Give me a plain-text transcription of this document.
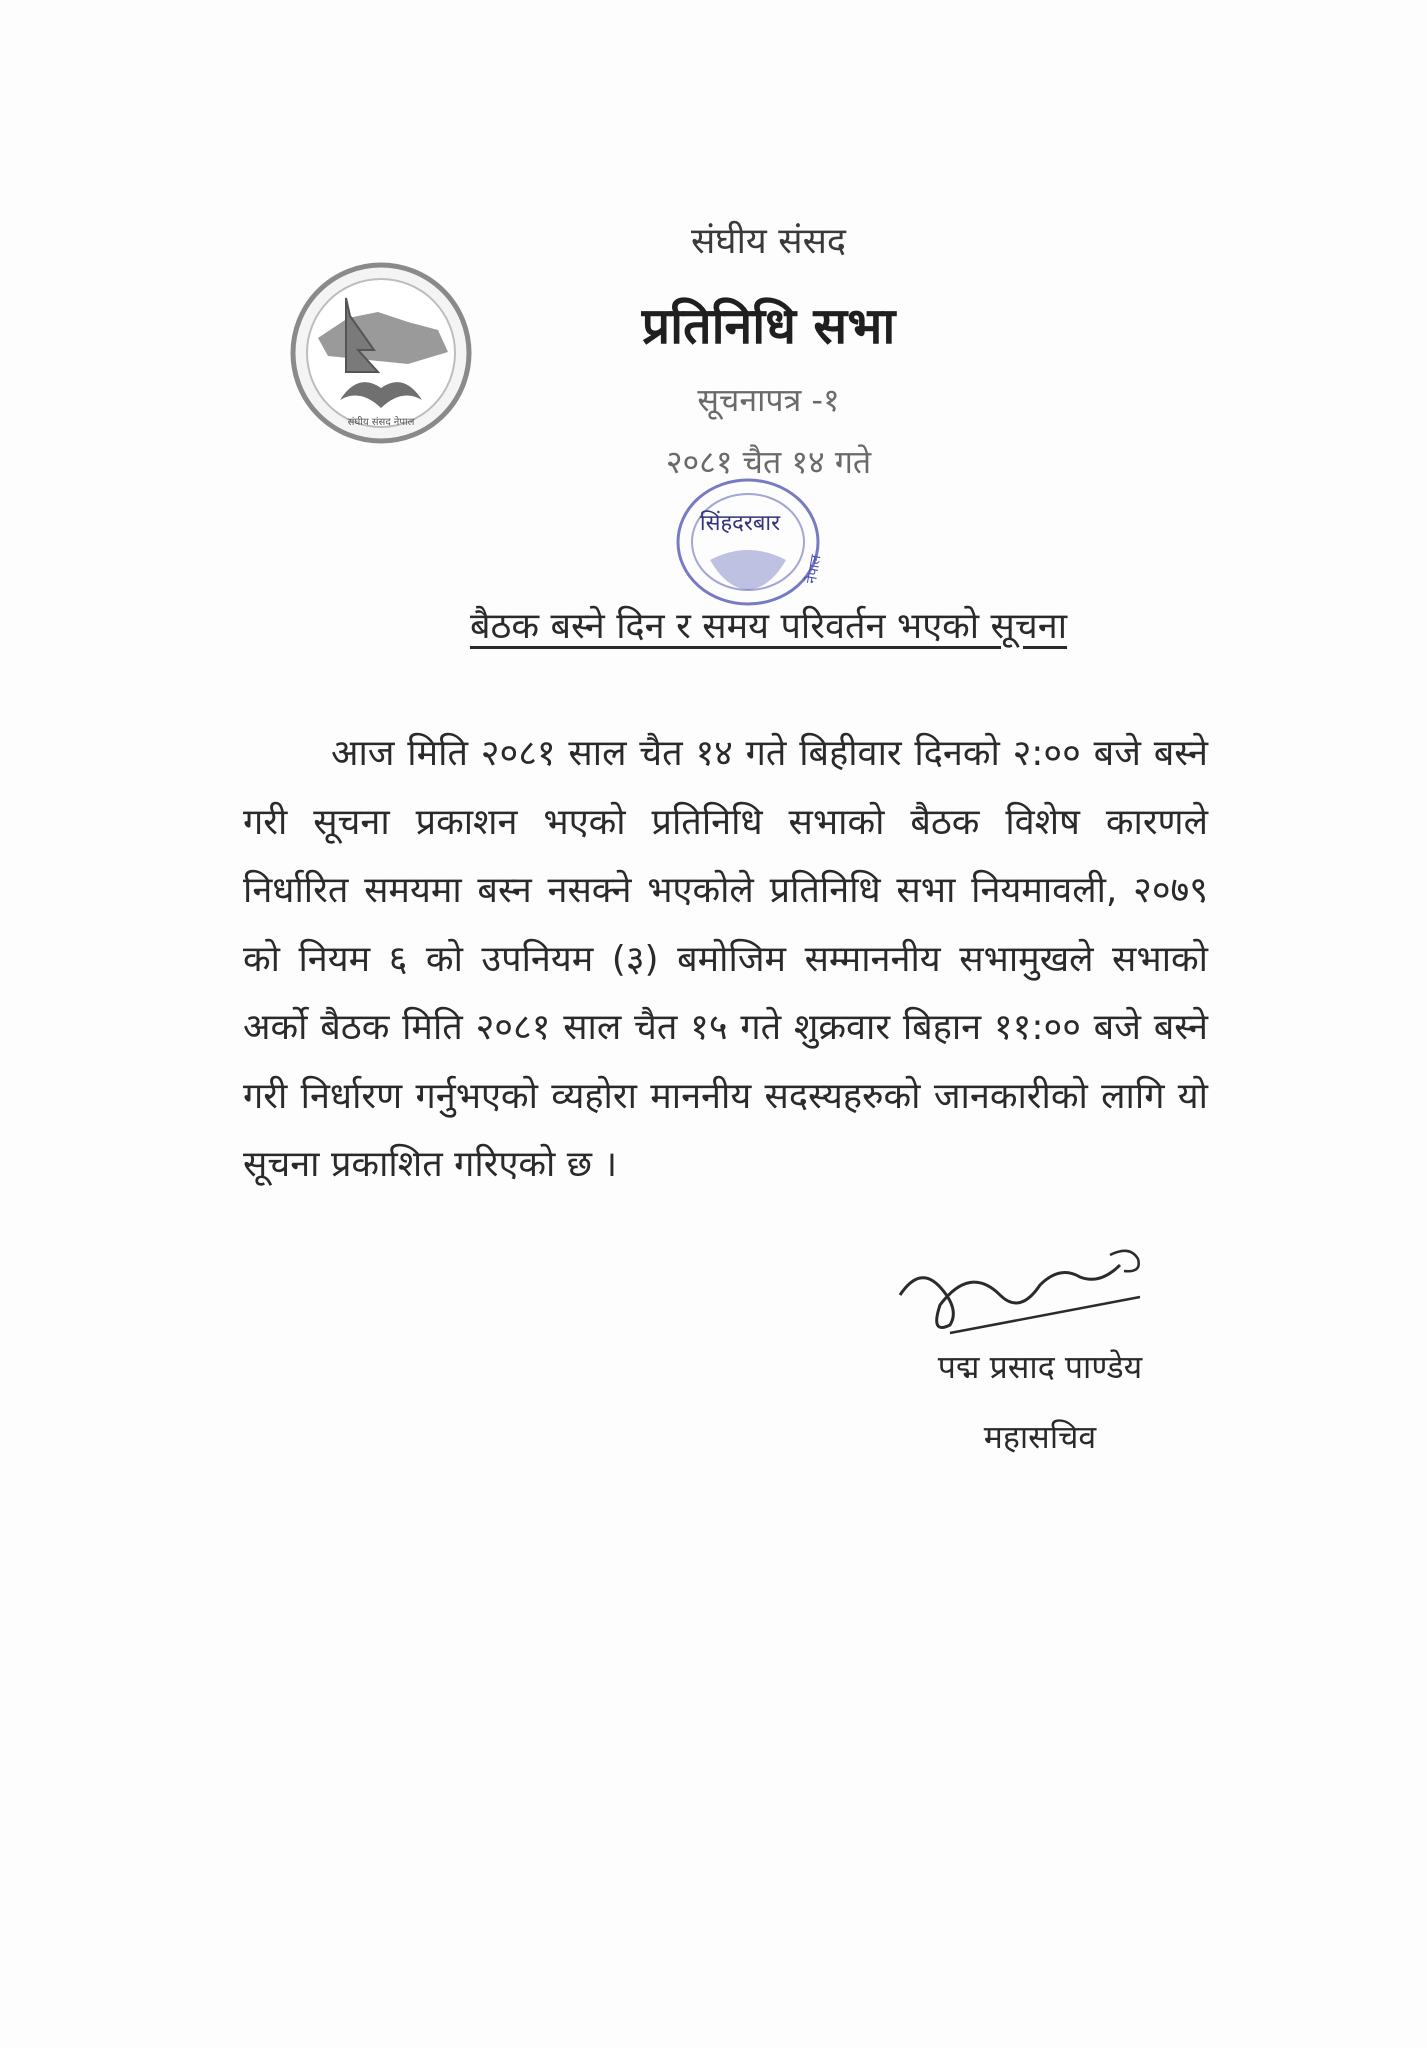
संघीय संसद नेपाल
संघीय संसद
प्रतिनिधि सभा
सूचनापत्र -१
२०८१ चैत १४ गते
सिंहदरबार
नेपाल
बैठक बस्ने दिन र समय परिवर्तन भएको सूचना

आज मिति २०८१ साल चैत १४ गते बिहीवार दिनको २:०० बजे बस्ने गरी सूचना प्रकाशन भएको प्रतिनिधि सभाको बैठक विशेष कारणले निर्धारित समयमा बस्न नसक्ने भएकोले प्रतिनिधि सभा नियमावली, २०७९ को नियम ६ को उपनियम (३) बमोजिम सम्माननीय सभामुखले सभाको अर्को बैठक मिति २०८१ साल चैत १५ गते शुक्रवार बिहान ११:०० बजे बस्ने गरी निर्धारण गर्नुभएको व्यहोरा माननीय सदस्यहरुको जानकारीको लागि यो सूचना प्रकाशित गरिएको छ ।

पद्म प्रसाद पाण्डेय
महासचिव
